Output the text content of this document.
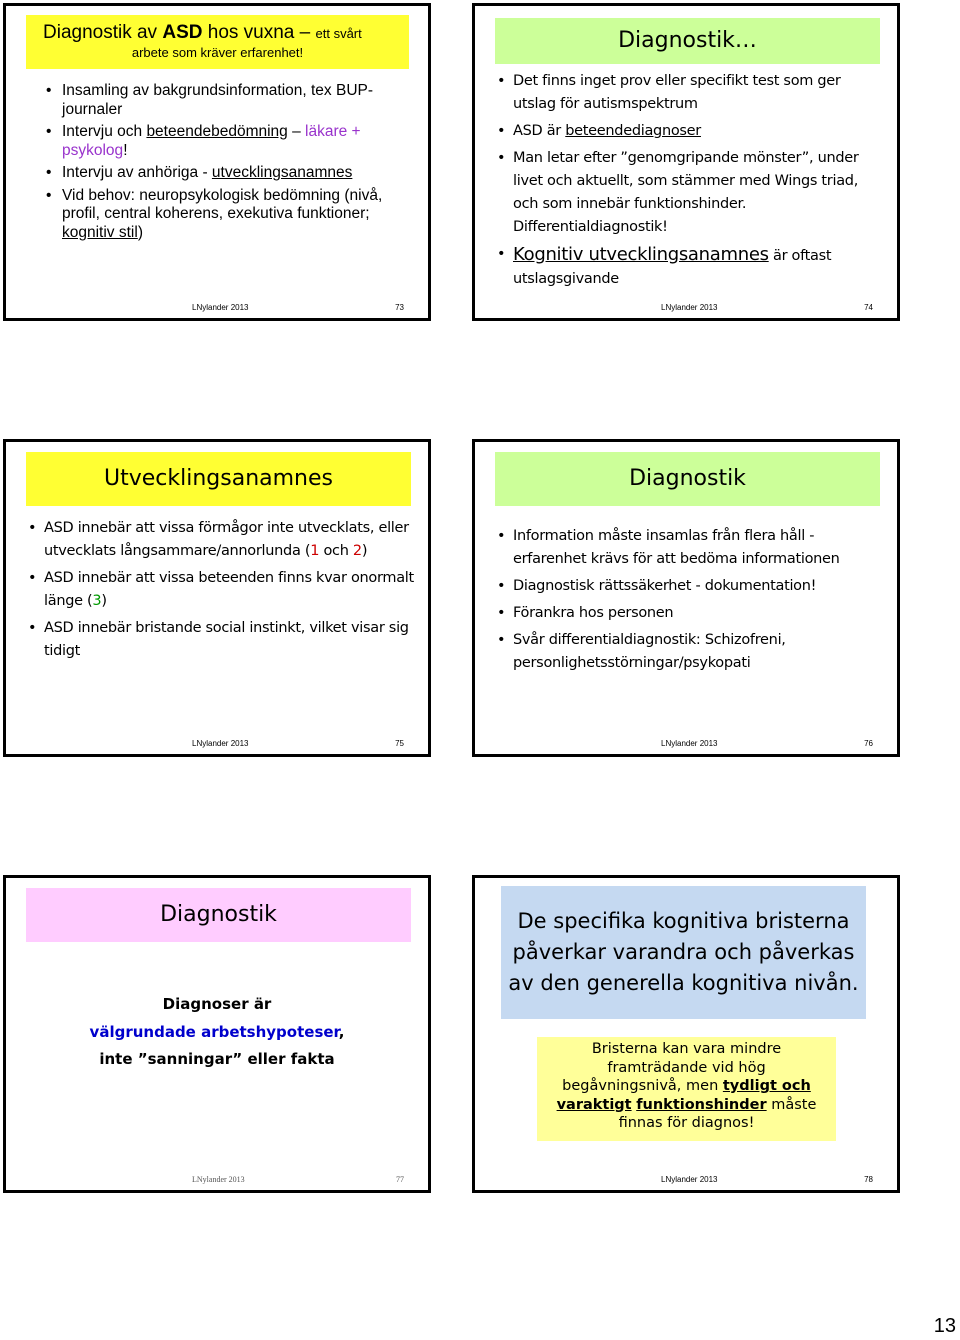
Diagnostik av ASD hos vuxna – ett svårt
arbete som kräver erfarenhet!
• Insamling av bakgrundsinformation, tex BUP-journaler
• Intervju och beteendebedömning – läkare + psykolog!
• Intervju av anhöriga - utvecklingsanamnes
• Vid behov: neuropsykologisk bedömning (nivå, profil, central koherens, exekutiva funktioner; kognitiv stil)
LNylander 2013	73
Diagnostik…
• Det finns inget prov eller specifikt test som ger utslag för autismspektrum
• ASD är beteendediagnoser
• Man letar efter ”genomgripande mönster”, under livet och aktuellt, som stämmer med Wings triad, och som innebär funktionshinder. Differentialdiagnostik!
• Kognitiv utvecklingsanamnes är oftast utslagsgivande
LNylander 2013	74
Utvecklingsanamnes
• ASD innebär att vissa förmågor inte utvecklats, eller utvecklats långsammare/annorlunda (1 och 2)
• ASD innebär att vissa beteenden finns kvar onormalt länge (3)
• ASD innebär bristande social instinkt, vilket visar sig tidigt
LNylander 2013	75
Diagnostik
• Information måste insamlas från flera håll - erfarenhet krävs för att bedöma informationen
• Diagnostisk rättssäkerhet - dokumentation!
• Förankra hos personen
• Svår differentialdiagnostik: Schizofreni, personlighetsstörningar/psykopati
LNylander 2013	76
Diagnostik
Diagnoser är
välgrundade arbetshypoteser,
inte ”sanningar” eller fakta
LNylander 2013	77
De specifika kognitiva bristerna påverkar varandra och påverkas av den generella kognitiva nivån.
Bristerna kan vara mindre framträdande vid hög begåvningsnivå, men tydligt och varaktigt funktionshinder måste finnas för diagnos!
LNylander 2013	78
13
